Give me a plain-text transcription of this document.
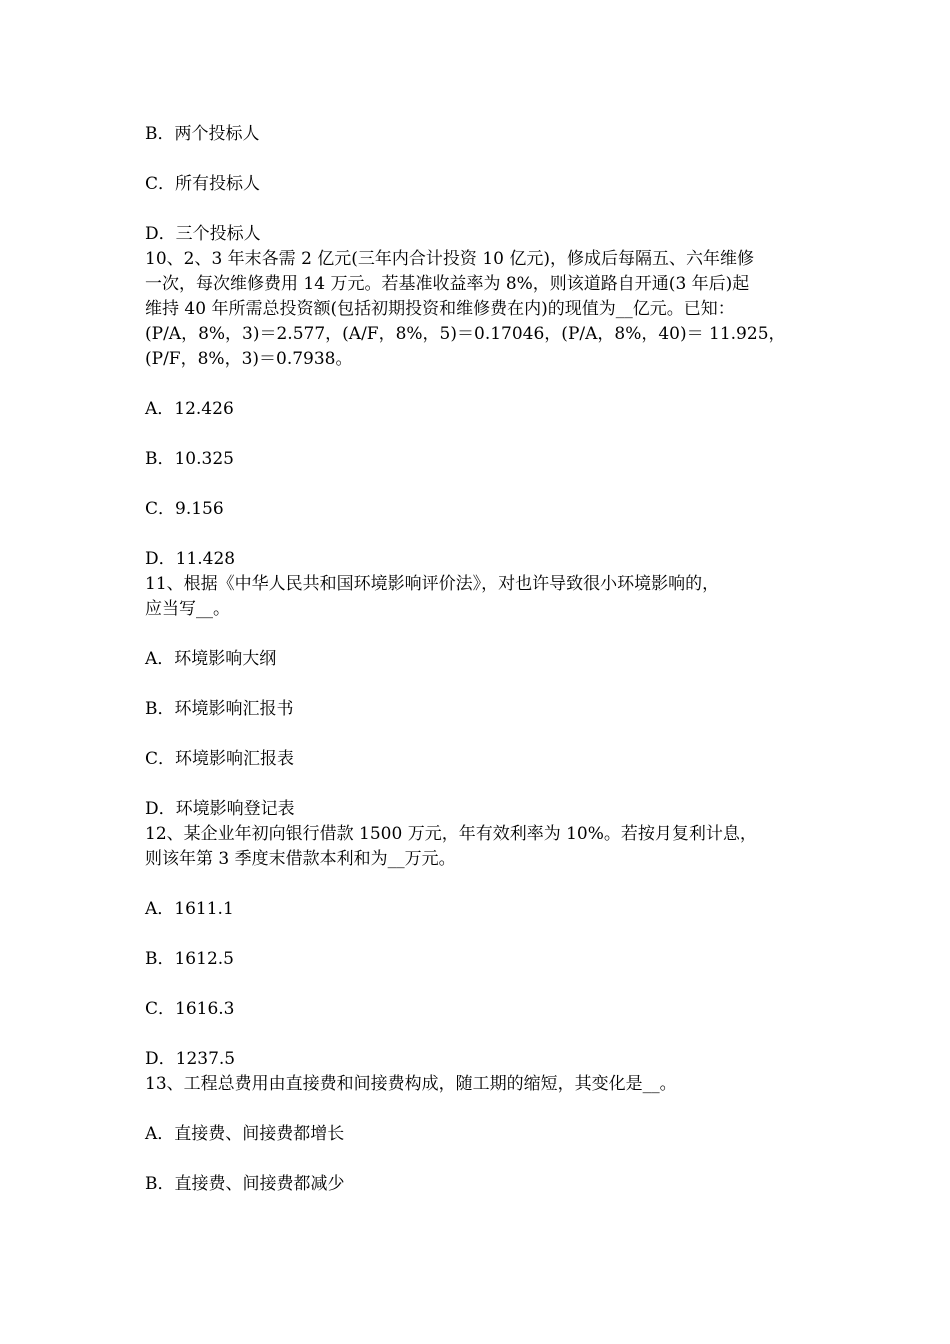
B．两个投标人
C．所有投标人
D．三个投标人
10、2、3 年末各需 2 亿元(三年内合计投资 10 亿元)，修成后每隔五、六年维修
一次，每次维修费用 14 万元。若基准收益率为 8%，则该道路自开通(3 年后)起
维持 40 年所需总投资额(包括初期投资和维修费在内)的现值为__亿元。已知：
(P/A，8%，3)＝2.577，(A/F，8%，5)＝0.17046，(P/A，8%，40)＝ 11.925，
(P/F，8%，3)＝0.7938。
A．12.426
B．10.325
C．9.156
D．11.428
11、根据《中华人民共和国环境影响评价法》，对也许导致很小环境影响的，
应当写__。
A．环境影响大纲
B．环境影响汇报书
C．环境影响汇报表
D．环境影响登记表
12、某企业年初向银行借款 1500 万元，年有效利率为 10%。若按月复利计息，
则该年第 3 季度末借款本利和为__万元。
A．1611.1
B．1612.5
C．1616.3
D．1237.5
13、工程总费用由直接费和间接费构成，随工期的缩短，其变化是__。
A．直接费、间接费都增长
B．直接费、间接费都减少
